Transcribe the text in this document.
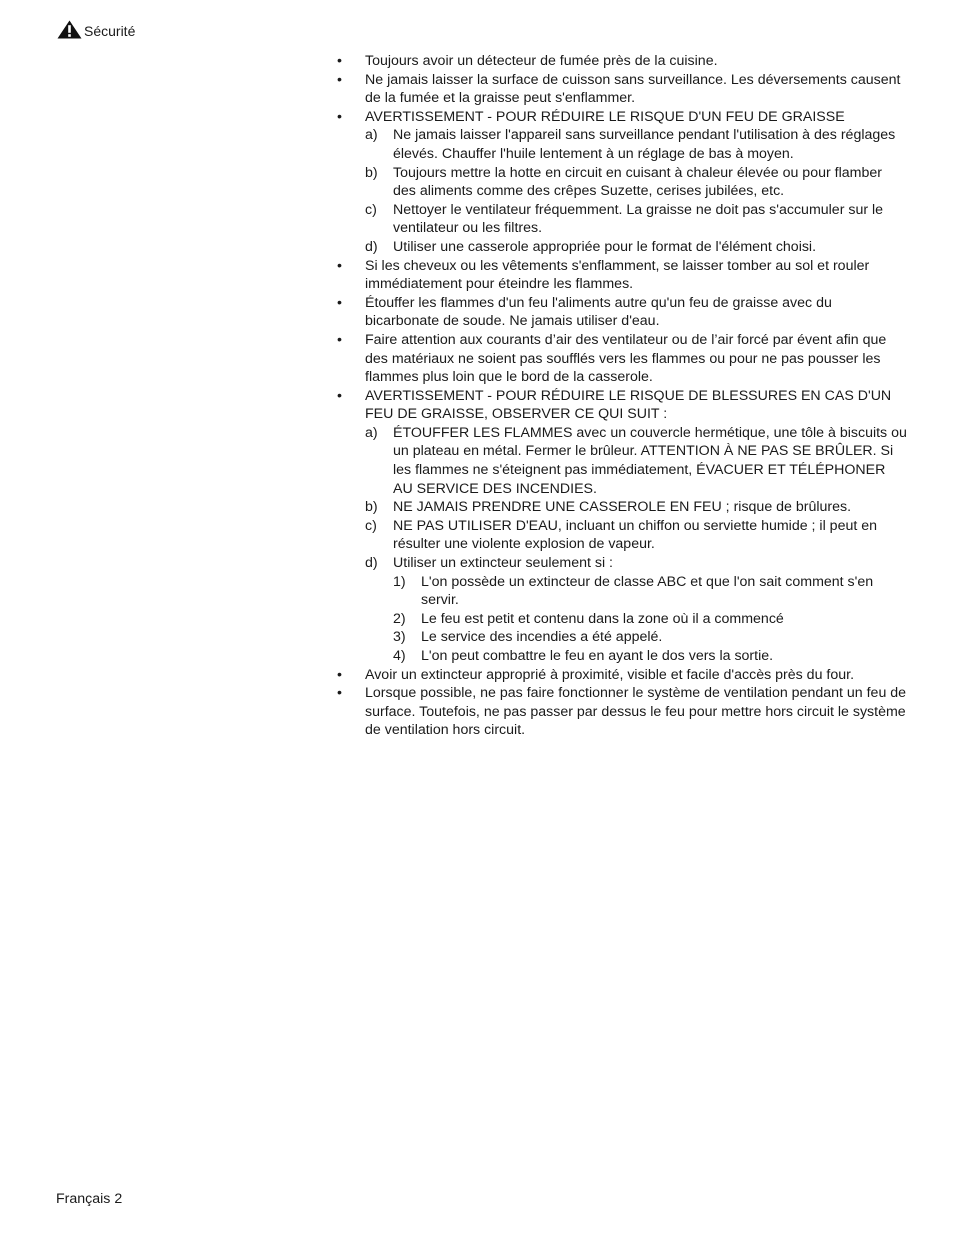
Sécurité
•	Toujours avoir un détecteur de fumée près de la cuisine.
•	Ne jamais laisser la surface de cuisson sans surveillance. Les déversements causent de la fumée et la graisse peut s'enflammer.
•	AVERTISSEMENT - POUR RÉDUIRE LE RISQUE D'UN FEU DE GRAISSE
a)	Ne jamais laisser l'appareil sans surveillance pendant l'utilisation à des réglages élevés. Chauffer l'huile lentement à un réglage de bas à moyen.
b)	Toujours mettre la hotte en circuit en cuisant à chaleur élevée ou pour flamber des aliments comme des crêpes Suzette, cerises jubilées, etc.
c)	Nettoyer le ventilateur fréquemment. La graisse ne doit pas s'accumuler sur le ventilateur ou les filtres.
d)	Utiliser une casserole appropriée pour le format de l'élément choisi.
•	Si les cheveux ou les vêtements s'enflamment, se laisser tomber au sol et rouler immédiatement pour éteindre les flammes.
•	Étouffer les flammes d'un feu l'aliments autre qu'un feu de graisse avec du bicarbonate de soude. Ne jamais utiliser d'eau.
•	Faire attention aux courants d’air des ventilateur ou de l’air forcé par évent afin que des matériaux ne soient pas soufflés vers les flammes ou pour ne pas pousser les flammes plus loin que le bord de la casserole.
•	AVERTISSEMENT - POUR RÉDUIRE LE RISQUE DE BLESSURES EN CAS D'UN FEU DE GRAISSE, OBSERVER CE QUI SUIT :
a)	ÉTOUFFER LES FLAMMES avec un couvercle hermétique, une tôle à biscuits ou un plateau en métal. Fermer le brûleur. ATTENTION À NE PAS SE BRÛLER. Si les flammes ne s'éteignent pas immédiatement, ÉVACUER ET TÉLÉPHONER AU SERVICE DES INCENDIES.
b)	NE JAMAIS PRENDRE UNE CASSEROLE EN FEU ; risque de brûlures.
c)	NE PAS UTILISER D'EAU, incluant un chiffon ou serviette humide ; il peut en résulter une violente explosion de vapeur.
d)	Utiliser un extincteur seulement si :
1)	L'on possède un extincteur de classe ABC et que l'on sait comment s'en servir.
2)	Le feu est petit et contenu dans la zone où il a commencé
3)	Le service des incendies a été appelé.
4)	L'on peut combattre le feu en ayant le dos vers la sortie.
•	Avoir un extincteur approprié à proximité, visible et facile d'accès près du four.
•	Lorsque possible, ne pas faire fonctionner le système de ventilation pendant un feu de surface. Toutefois, ne pas passer par dessus le feu pour mettre hors circuit le système de ventilation hors circuit.
Français 2
